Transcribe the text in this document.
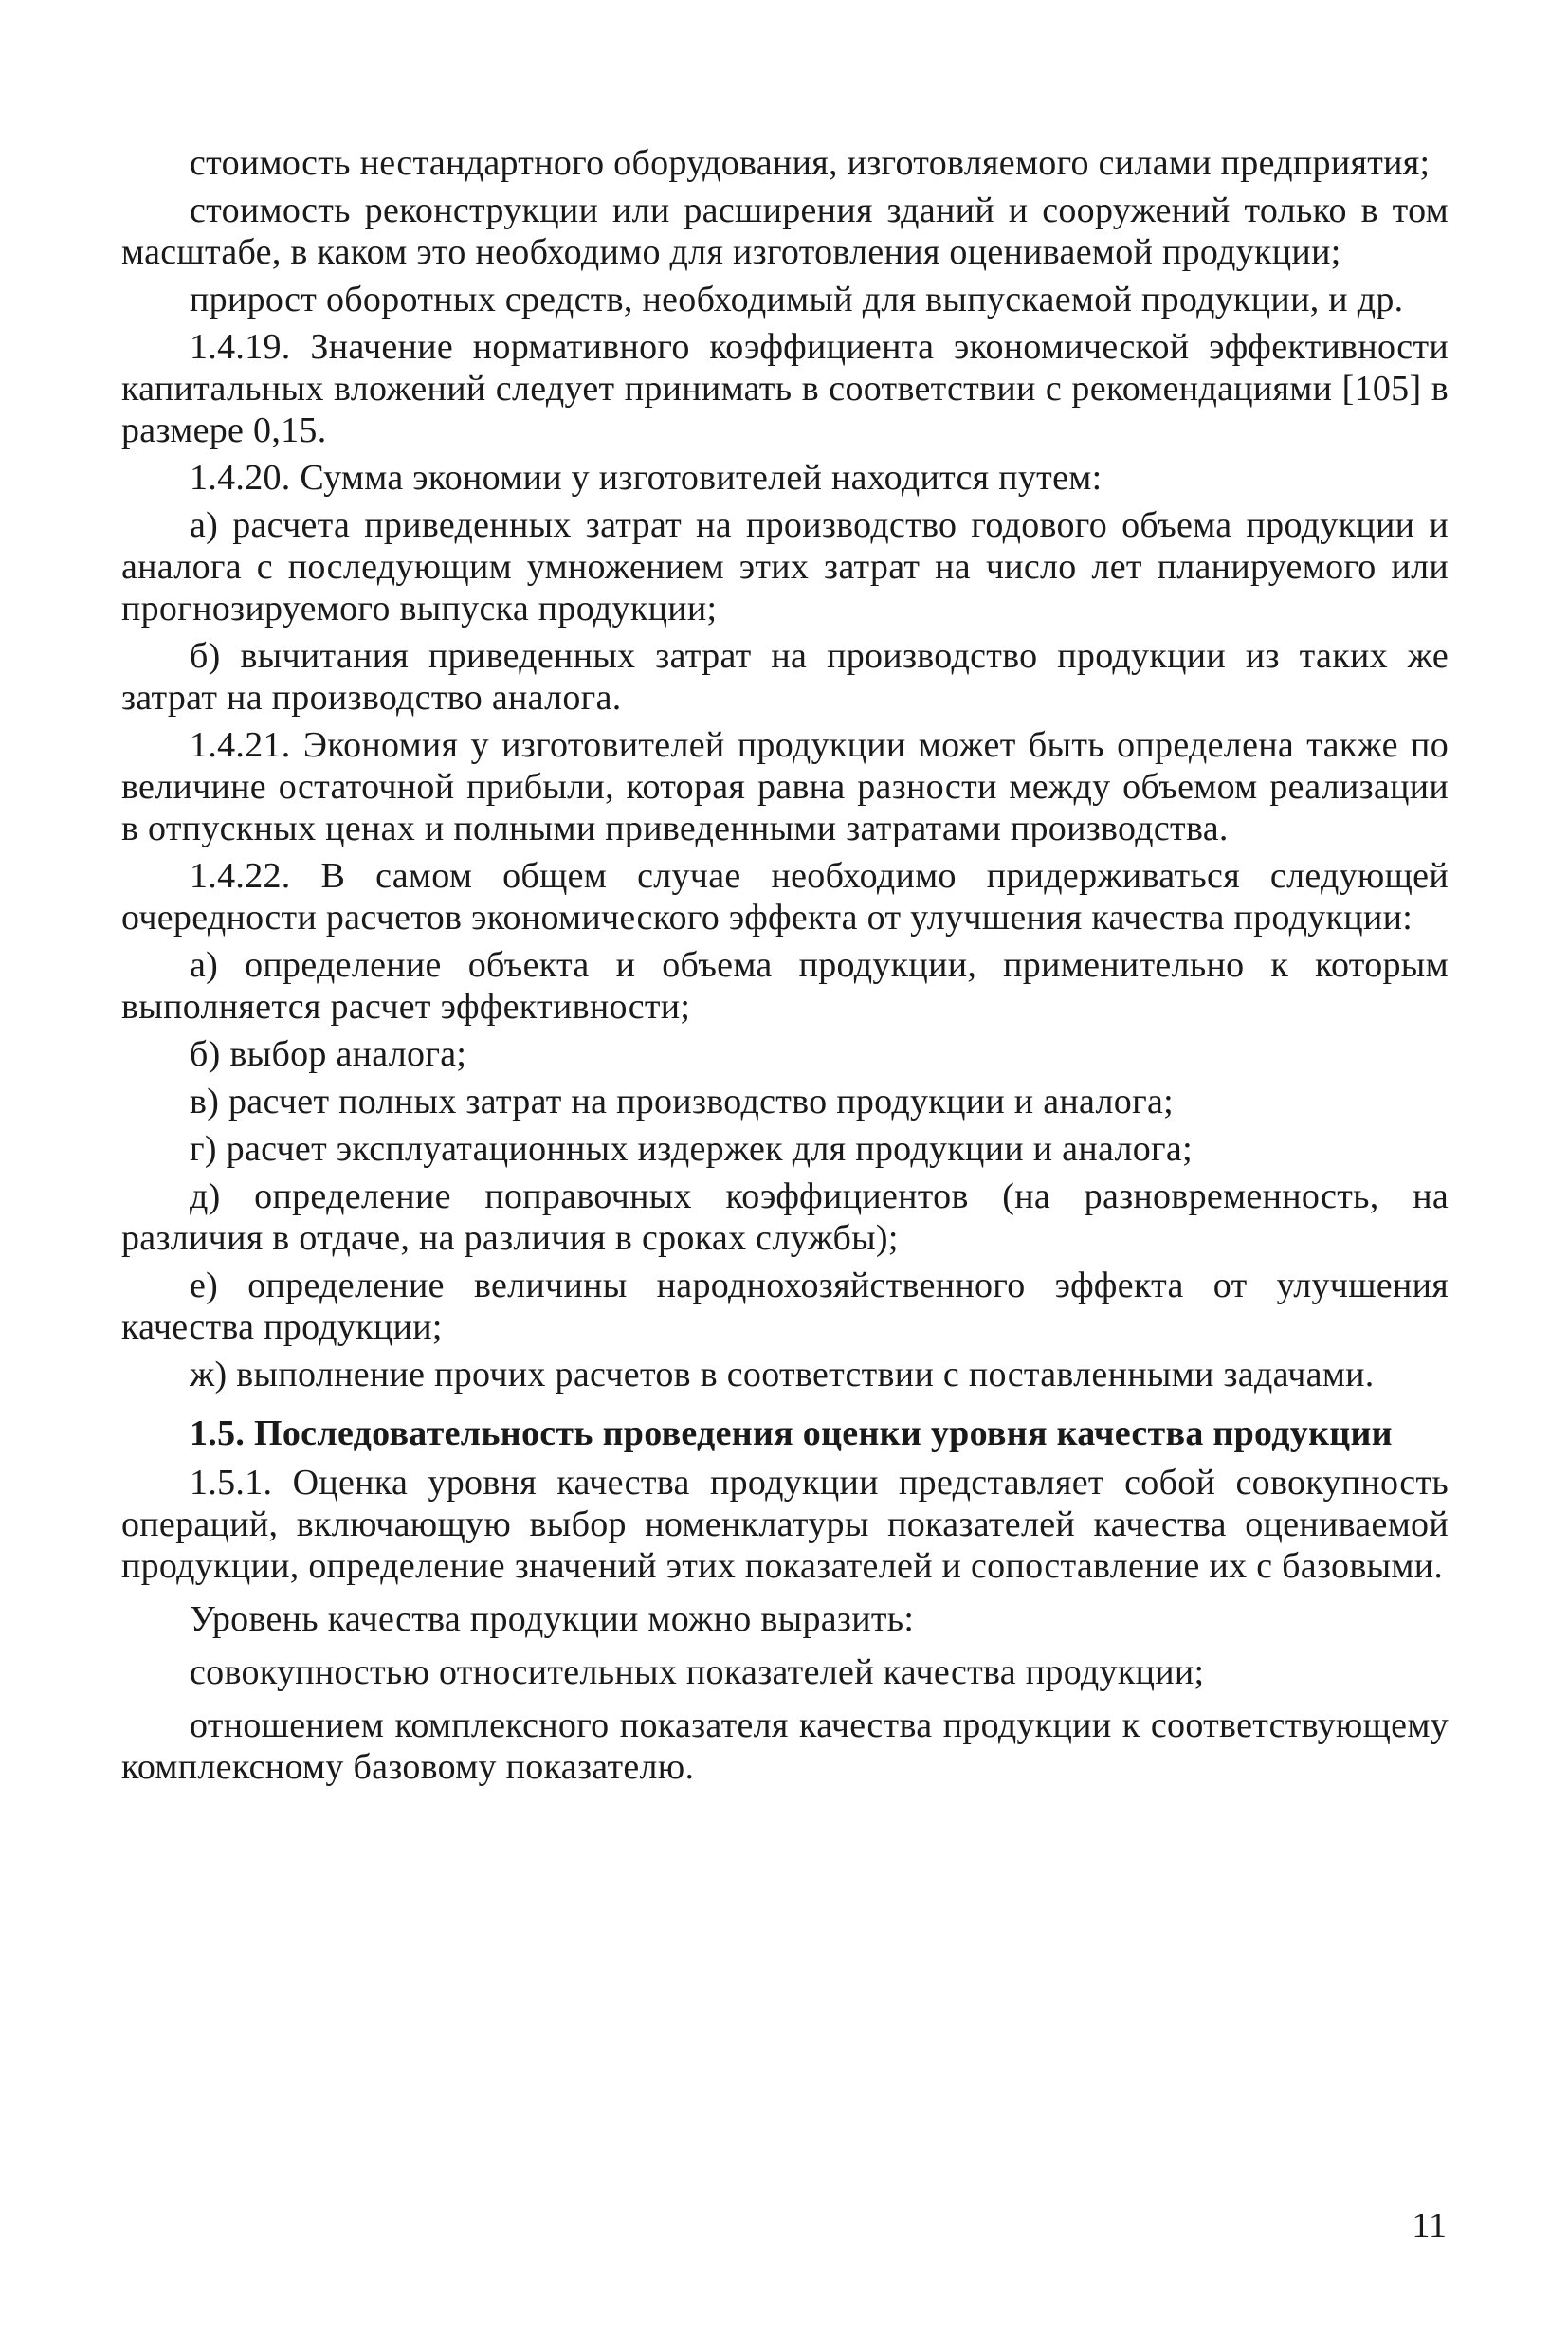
стоимость нестандартного оборудования, изготовляемого силами предприятия;

стоимость реконструкции или расширения зданий и сооружений только в том масштабе, в каком это необходимо для изготовления оцениваемой продукции;

прирост оборотных средств, необходимый для выпускаемой продукции, и др.

1.4.19. Значение нормативного коэффициента экономической эффективности капитальных вложений следует принимать в соответствии с рекомендациями [105] в размере 0,15.

1.4.20. Сумма экономии у изготовителей находится путем:

а) расчета приведенных затрат на производство годового объема продукции и аналога с последующим умножением этих затрат на число лет планируемого или прогнозируемого выпуска продукции;

б) вычитания приведенных затрат на производство продукции из таких же затрат на производство аналога.

1.4.21. Экономия у изготовителей продукции может быть определена также по величине остаточной прибыли, которая равна разности между объемом реализации в отпускных ценах и полными приведенными затратами производства.

1.4.22. В самом общем случае необходимо придерживаться следующей очередности расчетов экономического эффекта от улучшения качества продукции:

а) определение объекта и объема продукции, применительно к которым выполняется расчет эффективности;

б) выбор аналога;

в) расчет полных затрат на производство продукции и аналога;

г) расчет эксплуатационных издержек для продукции и аналога;

д) определение поправочных коэффициентов (на разновременность, на различия в отдаче, на различия в сроках службы);

е) определение величины народнохозяйственного эффекта от улучшения качества продукции;

ж) выполнение прочих расчетов в соответствии с поставленными задачами.

1.5. Последовательность проведения оценки уровня качества продукции

1.5.1. Оценка уровня качества продукции представляет собой совокупность операций, включающую выбор номенклатуры показателей качества оцениваемой продукции, определение значений этих показателей и сопоставление их с базовыми.

Уровень качества продукции можно выразить:

совокупностью относительных показателей качества продукции;

отношением комплексного показателя качества продукции к соответствующему комплексному базовому показателю.

11
